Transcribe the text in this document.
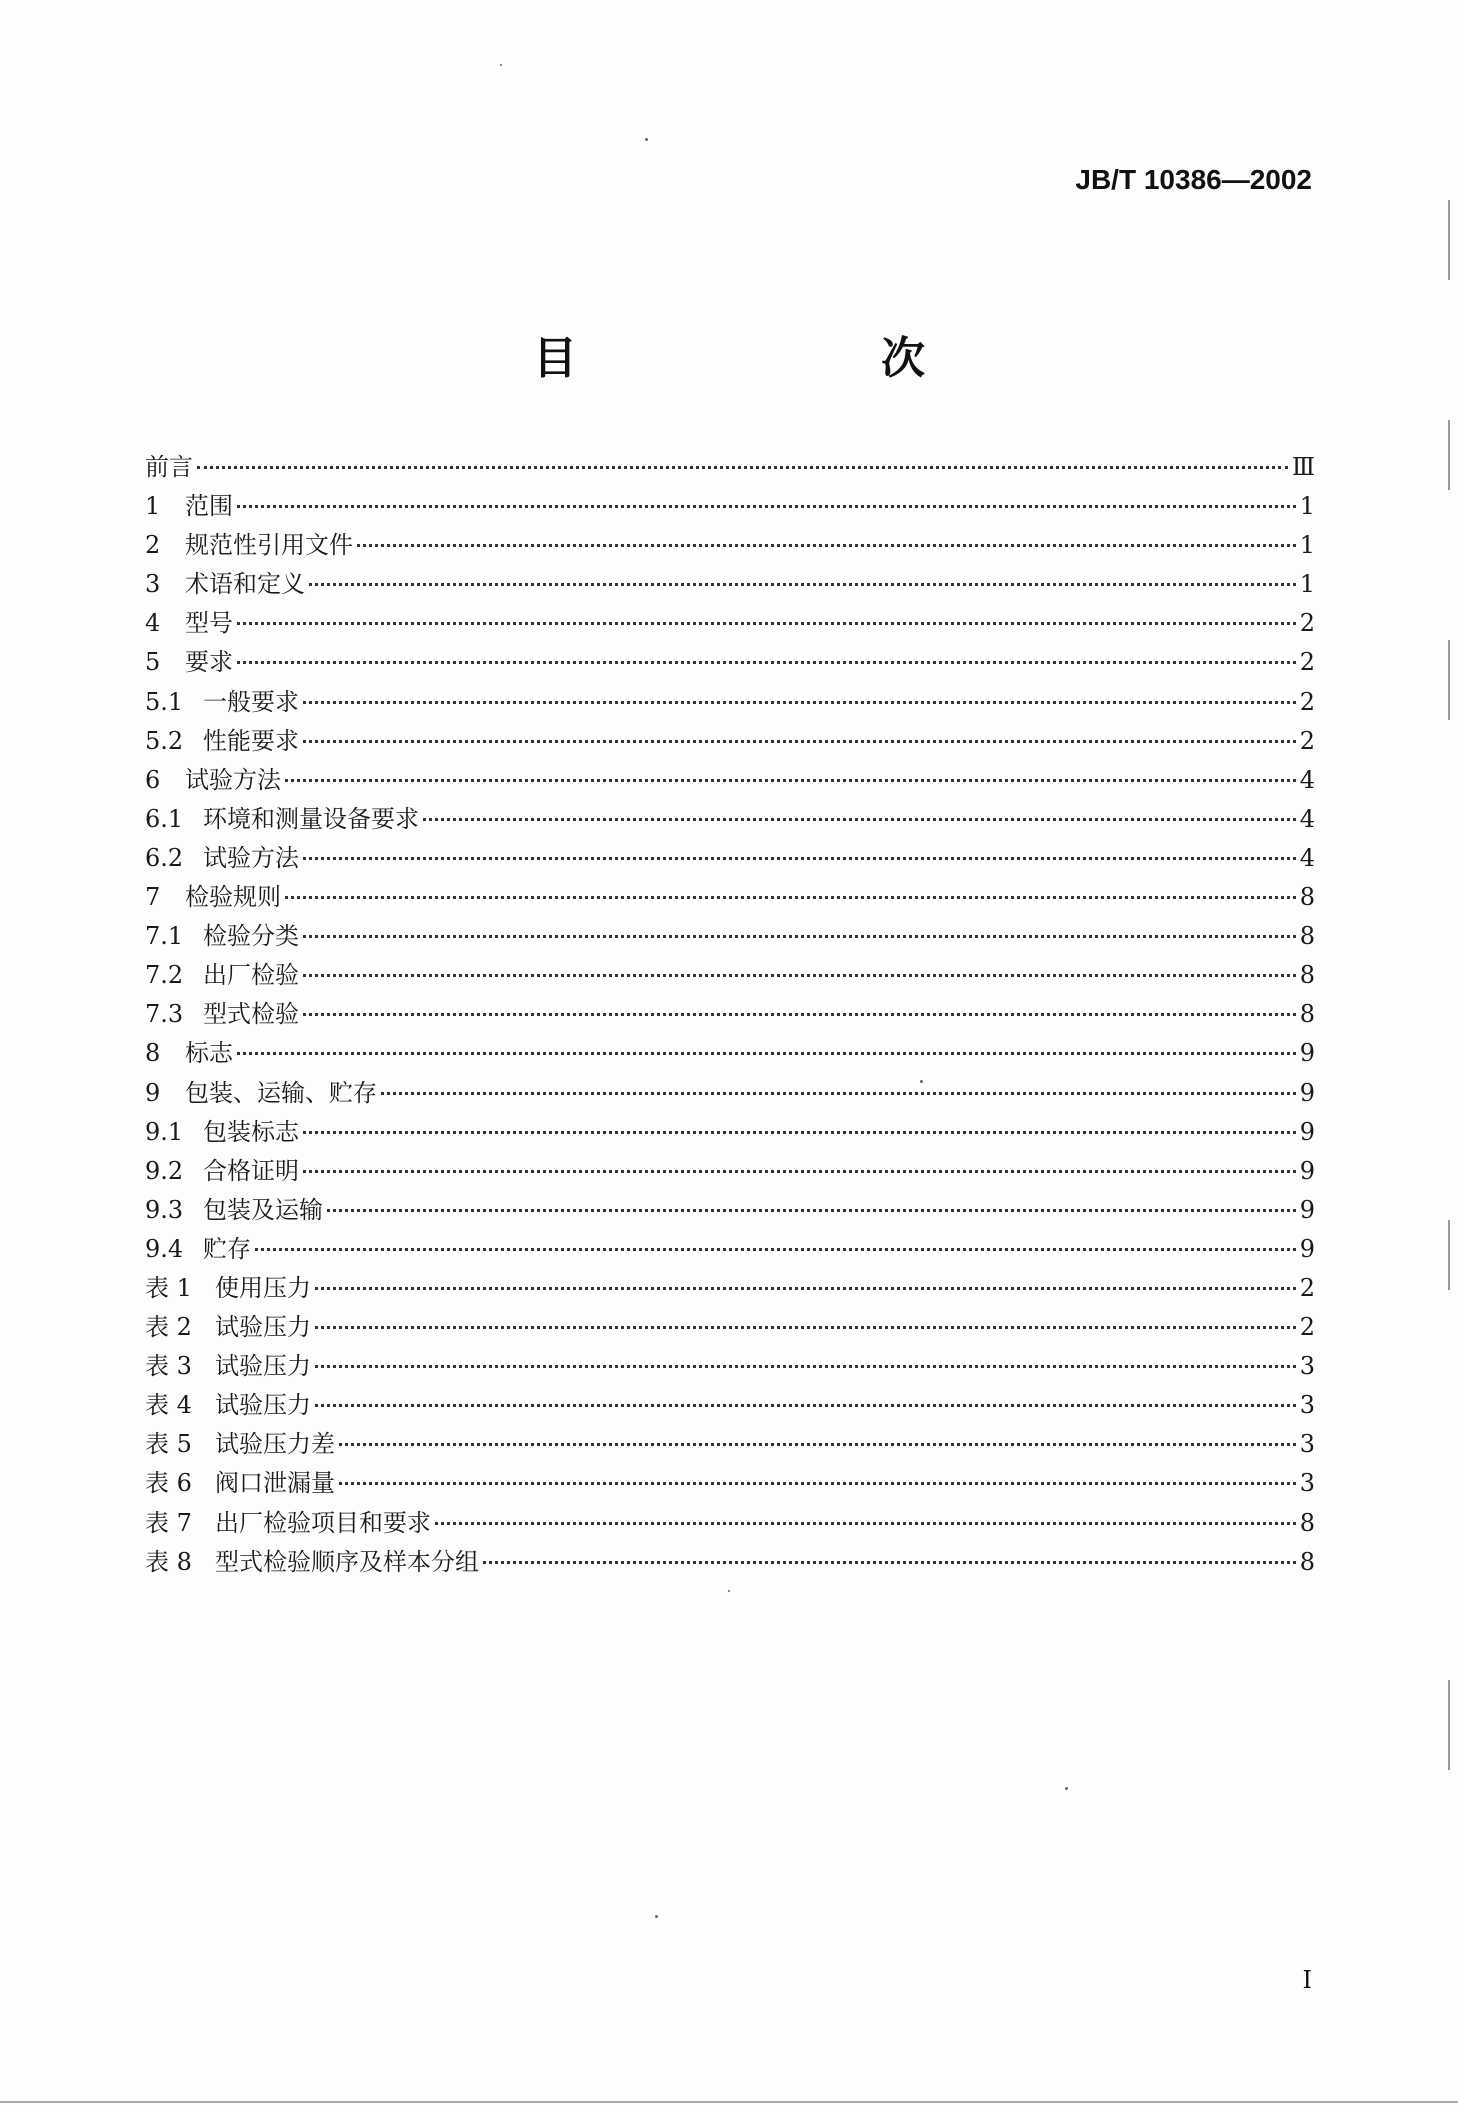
JB/T 10386—2002
目　　次
前言	Ⅲ
1	范围	1
2	规范性引用文件	1
3	术语和定义	1
4	型号	2
5	要求	2
5.1 一般要求	2
5.2 性能要求	2
6	试验方法	4
6.1 环境和测量设备要求	4
6.2 试验方法	4
7	检验规则	8
7.1 检验分类	8
7.2 出厂检验	8
7.3 型式检验	8
8	标志	9
9	包装、运输、贮存	9
9.1 包装标志	9
9.2 合格证明	9
9.3 包装及运输	9
9.4 贮存	9
表 1 使用压力	2
表 2 试验压力	2
表 3 试验压力	3
表 4 试验压力	3
表 5 试验压力差	3
表 6 阀口泄漏量	3
表 7 出厂检验项目和要求	8
表 8 型式检验顺序及样本分组	8
I
